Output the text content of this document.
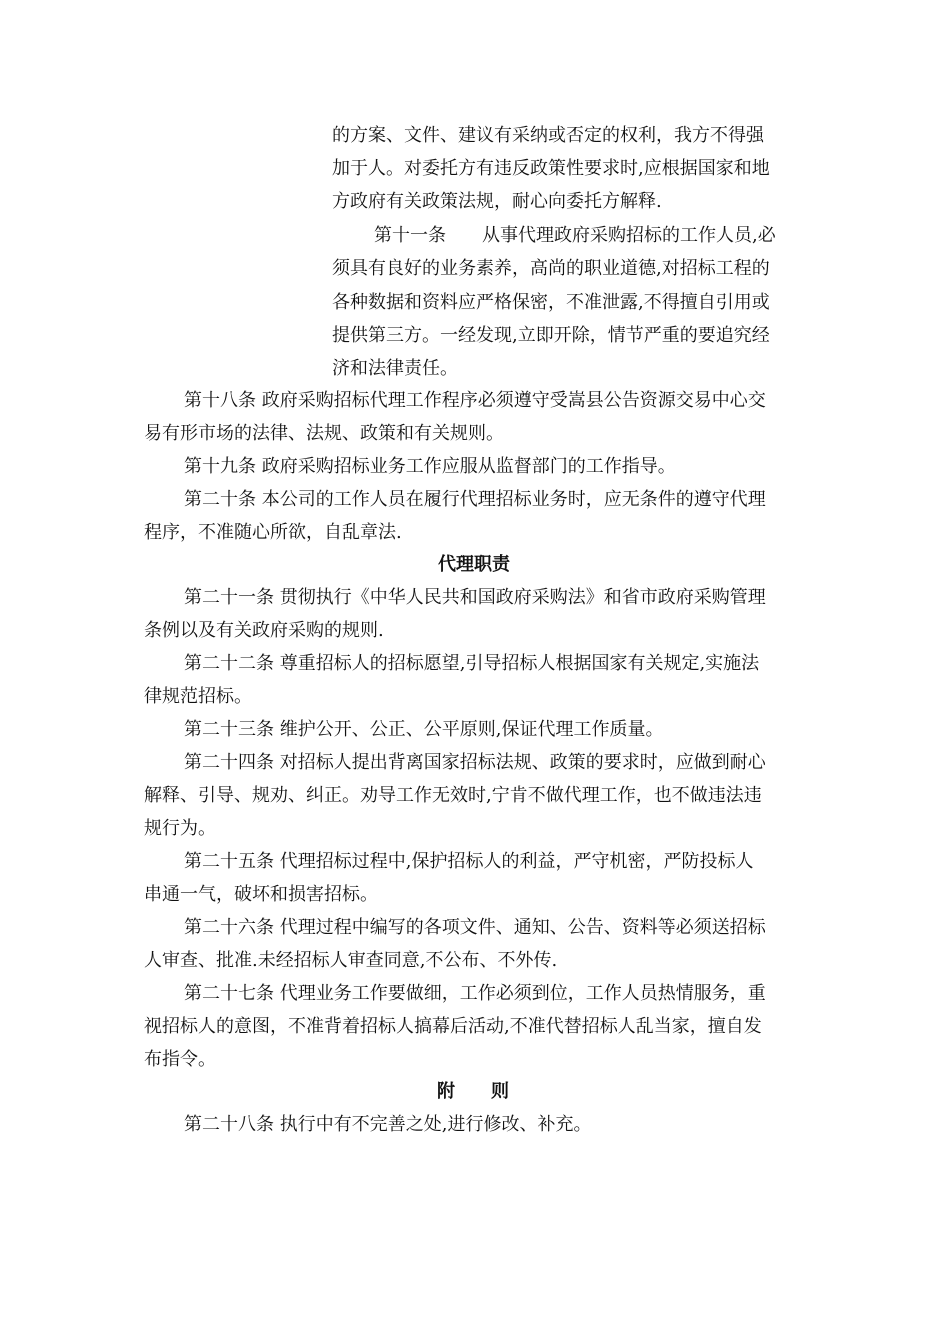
的方案、文件、建议有采纳或否定的权利，我方不得强
加于人。对委托方有违反政策性要求时,应根据国家和地
方政府有关政策法规，耐心向委托方解释.
第十一条　　从事代理政府采购招标的工作人员,必
须具有良好的业务素养，高尚的职业道德,对招标工程的
各种数据和资料应严格保密，不准泄露,不得擅自引用或
提供第三方。一经发现,立即开除，情节严重的要追究经
济和法律责任。
第十八条 政府采购招标代理工作程序必须遵守受嵩县公告资源交易中心交
易有形市场的法律、法规、政策和有关规则。
第十九条 政府采购招标业务工作应服从监督部门的工作指导。
第二十条 本公司的工作人员在履行代理招标业务时，应无条件的遵守代理
程序，不准随心所欲，自乱章法.
代理职责
第二十一条 贯彻执行《中华人民共和国政府采购法》和省市政府采购管理
条例以及有关政府采购的规则.
第二十二条 尊重招标人的招标愿望,引导招标人根据国家有关规定,实施法
律规范招标。
第二十三条 维护公开、公正、公平原则,保证代理工作质量。
第二十四条 对招标人提出背离国家招标法规、政策的要求时，应做到耐心
解释、引导、规劝、纠正。劝导工作无效时,宁肯不做代理工作，也不做违法违
规行为。
第二十五条 代理招标过程中,保护招标人的利益，严守机密，严防投标人
串通一气，破坏和损害招标。
第二十六条 代理过程中编写的各项文件、通知、公告、资料等必须送招标
人审查、批准.未经招标人审查同意,不公布、不外传.
第二十七条 代理业务工作要做细，工作必须到位，工作人员热情服务，重
视招标人的意图，不准背着招标人搞幕后活动,不准代替招标人乱当家，擅自发
布指令。
附　　则
第二十八条 执行中有不完善之处,进行修改、补充。
